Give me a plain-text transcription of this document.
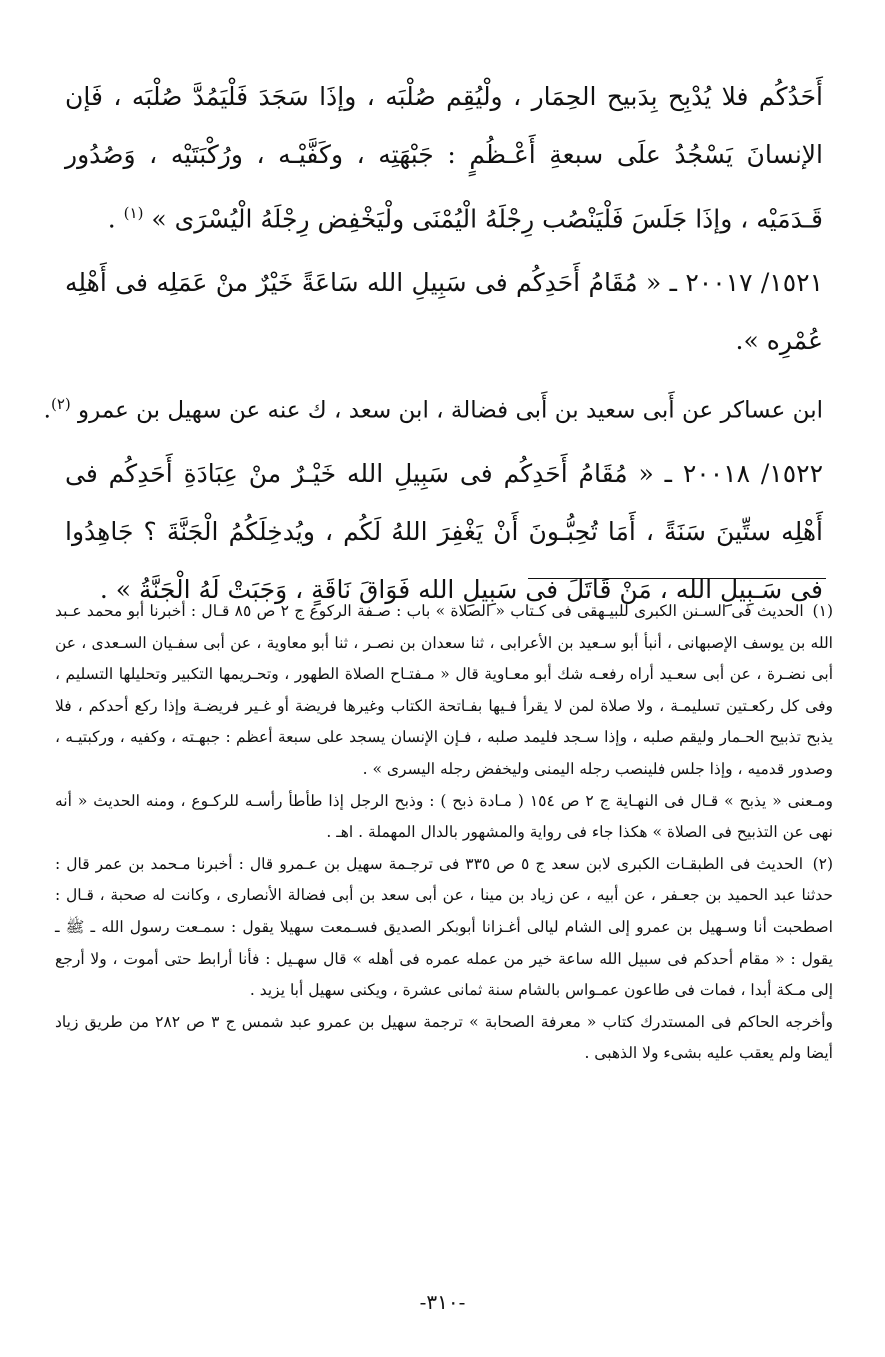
أَحَدُكُم فلا يُدْبِح بِدَبيح الحِمَار ، ولْيُقِم صُلْبَه ، وإذَا سَجَدَ فَلْيَمُدَّ صُلْبَه ، فَإن الإنسانَ يَسْجُدُ علَى سبعةِ أَعْـظُمٍ : جَبْهَتِه ، وكَفَّيْـه ، ورُكْبَتَيْه ، وَصُدُور قَـدَمَيْه ، وإذَا جَلَسَ فَلْيَنْصُب رِجْلَهُ الْيُمْنَى ولْيَخْفِض رِجْلَهُ الْيُسْرَى » $^{(١)}$ .

١٥٢١/ ٢٠٠١٧ ـ « مُقَامُ أَحَدِكُم فى سَبِيلِ الله سَاعَةً خَيْرٌ منْ عَمَلِه فى أَهْلِه عُمْرِه ».

ابن عساكر عن أَبى سعيد بن أَبى فضالة ، ابن سعد ، ك عنه عن سهيل بن عمرو $^{(٢)}$.

١٥٢٢/ ٢٠٠١٨ ـ « مُقَامُ أَحَدِكُم فى سَبِيلِ الله خَيْـرٌ منْ عِبَادَةِ أَحَدِكُم فى أَهْلِه ستِّينَ سَنَةً ، أَمَا تُحِبُّـونَ أَنْ يَغْفِرَ اللهُ لَكُم ، ويُدخِلَكُمُ الْجَنَّةَ ؟ جَاهِدُوا فى سَـبِيلِ الله ، مَنْ قَاتَلَ فى سَبِيلِ الله فَوَاقَ نَاقَةٍ ، وَجَبَتْ لَهُ الْجَنَّةُ » .

(١) الحديث فى السـنن الكبرى للبيـهقى فى كـتاب « الصلاة » باب : صـفة الركوع ج ٢ ص ٨٥ قـال : أخبرنا أبو محمد عـبد الله بن يوسف الإصبهانى ، أنبأ أبو سـعيد بن الأعرابى ، ثنا سعدان بن نصـر ، ثنا أبو معاوية ، عن أبى سفـيان السـعدى ، عن أبى نضـرة ، عن أبى سعـيد أراه رفعـه شك أبو معـاوية قال « مـفتـاح الصلاة الطهور ، وتحـريمها التكبير وتحليلها التسليم ، وفى كل ركعـتين تسليمـة ، ولا صلاة لمن لا يقرأ فـيها بفـاتحة الكتاب وغيرها فريضة أو غـير فريضـة وإذا ركع أحدكم ، فلا يذبح تذبيح الحـمار وليقم صلبه ، وإذا سـجد فليمد صلبه ، فـإن الإنسان يسجد على سبعة أعظم : جبهـته ، وكفيه ، وركبتيـه ، وصدور قدميه ، وإذا جلس فلينصب رجله اليمنى وليخفض رجله اليسرى » .

ومـعنى « يذبح » قـال فى النهـاية ج ٢ ص ١٥٤ ( مـادة ذبح ) : وذبح الرجل إذا طأطأ رأسـه للركـوع ، ومنه الحديث « أنه نهى عن التذبيح فى الصلاة » هكذا جاء فى رواية والمشهور بالدال المهملة . اهـ .

(٢) الحديث فى الطبقـات الكبرى لابن سعد ج ٥ ص ٣٣٥ فى ترجـمة سهيل بن عـمرو قال : أخبرنا مـحمد بن عمر قال : حدثنا عبد الحميد بن جعـفر ، عن أبيه ، عن زياد بن مينا ، عن أبى سعد بن أبى فضالة الأنصارى ، وكانت له صحبة ، قـال : اصطحبت أنا وسـهيل بن عمرو إلى الشام ليالى أغـزانا أبوبكر الصديق فسـمعت سهيلا يقول : سمـعت رسول الله ـ ﷺ ـ يقول : « مقام أحدكم فى سبيل الله ساعة خير من عمله عمره فى أهله » قال سهـيل : فأنا أرابط حتى أموت ، ولا أرجع إلى مـكة أبدا ، فمات فى طاعون عمـواس بالشام سنة ثمانى عشرة ، ويكنى سهيل أبا يزيد .

وأخرجه الحاكم فى المستدرك كتاب « معرفة الصحابة » ترجمة سهيل بن عمرو عبد شمس ج ٣ ص ٢٨٢ من طريق زياد أيضا ولم يعقب عليه بشىء ولا الذهبى .

-٣١٠-
